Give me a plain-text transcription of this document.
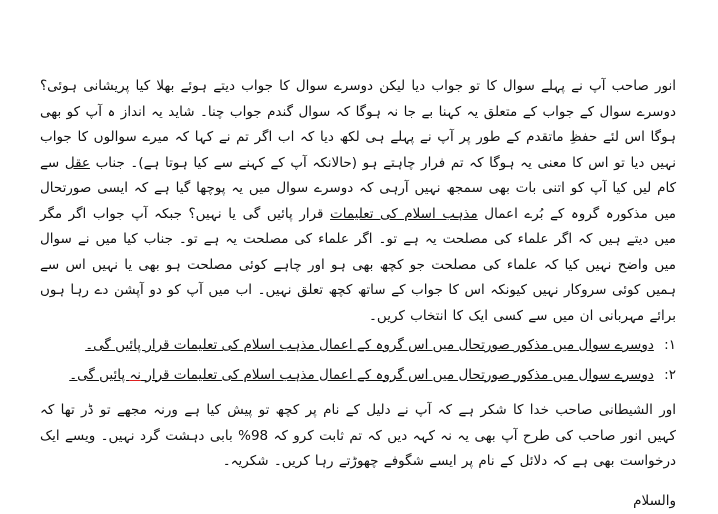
انور صاحب آپ نے پہلے سوال کا تو جواب دیا لیکن دوسرے سوال کا جواب دیتے ہوئے بھلا کیا پریشانی ہوئی؟ دوسرے سوال کے جواب کے متعلق یہ کہنا بے جا نہ ہوگا کہ سوال گندم جواب چنا۔ شاید یہ انداز ہ آپ کو بھی ہوگا اس لئے حفظِ ماتقدم کے طور پر آپ نے پہلے ہی لکھ دیا کہ اب اگر تم نے کہا کہ میرے سوالوں کا جواب نہیں دیا تو اس کا معنی یہ ہوگا کہ تم فرار چاہتے ہو (حالانکہ آپ کے کہنے سے کیا ہوتا ہے)۔ جناب عقل سے کام لیں کیا آپ کو اتنی بات بھی سمجھ نہیں آرہی کہ دوسرے سوال میں یہ پوچھا گیا ہے کہ ایسی صورتحال میں مذکورہ گروہ کے بُرے اعمال مذہب اسلام کی تعلیمات قرار پائیں گی یا نہیں؟ جبکہ آپ جواب اگر مگر میں دیتے ہیں کہ اگر علماء کی مصلحت یہ ہے تو۔ اگر علماء کی مصلحت یہ ہے تو۔ جناب کیا میں نے سوال میں واضح نہیں کیا کہ علماء کی مصلحت جو کچھ بھی ہو اور چاہے کوئی مصلحت ہو بھی یا نہیں اس سے ہمیں کوئی سروکار نہیں کیونکہ اس کا جواب کے ساتھ کچھ تعلق نہیں۔ اب میں آپ کو دو آپشن دے رہا ہوں برائے مہربانی ان میں سے کسی ایک کا انتخاب کریں۔

۱: دوسرے سوال میں مذکور صورتحال میں اس گروہ کے اعمال مذہب اسلام کی تعلیمات قرار پائیں گی۔

۲: دوسرے سوال میں مذکور صورتحال میں اس گروہ کے اعمال مذہب اسلام کی تعلیمات قرار نہ پائیں گی۔

اور الشیطانی صاحب خدا کا شکر ہے کہ آپ نے دلیل کے نام پر کچھ تو پیش کیا ہے ورنہ مجھے تو ڈر تھا کہ کہیں انور صاحب کی طرح آپ بھی یہ نہ کہہ دیں کہ تم ثابت کرو کہ 98% بابی دہشت گرد نہیں۔ ویسے ایک درخواست بھی ہے کہ دلائل کے نام پر ایسے شگوفے چھوڑتے رہا کریں۔ شکریہ۔

والسلام
